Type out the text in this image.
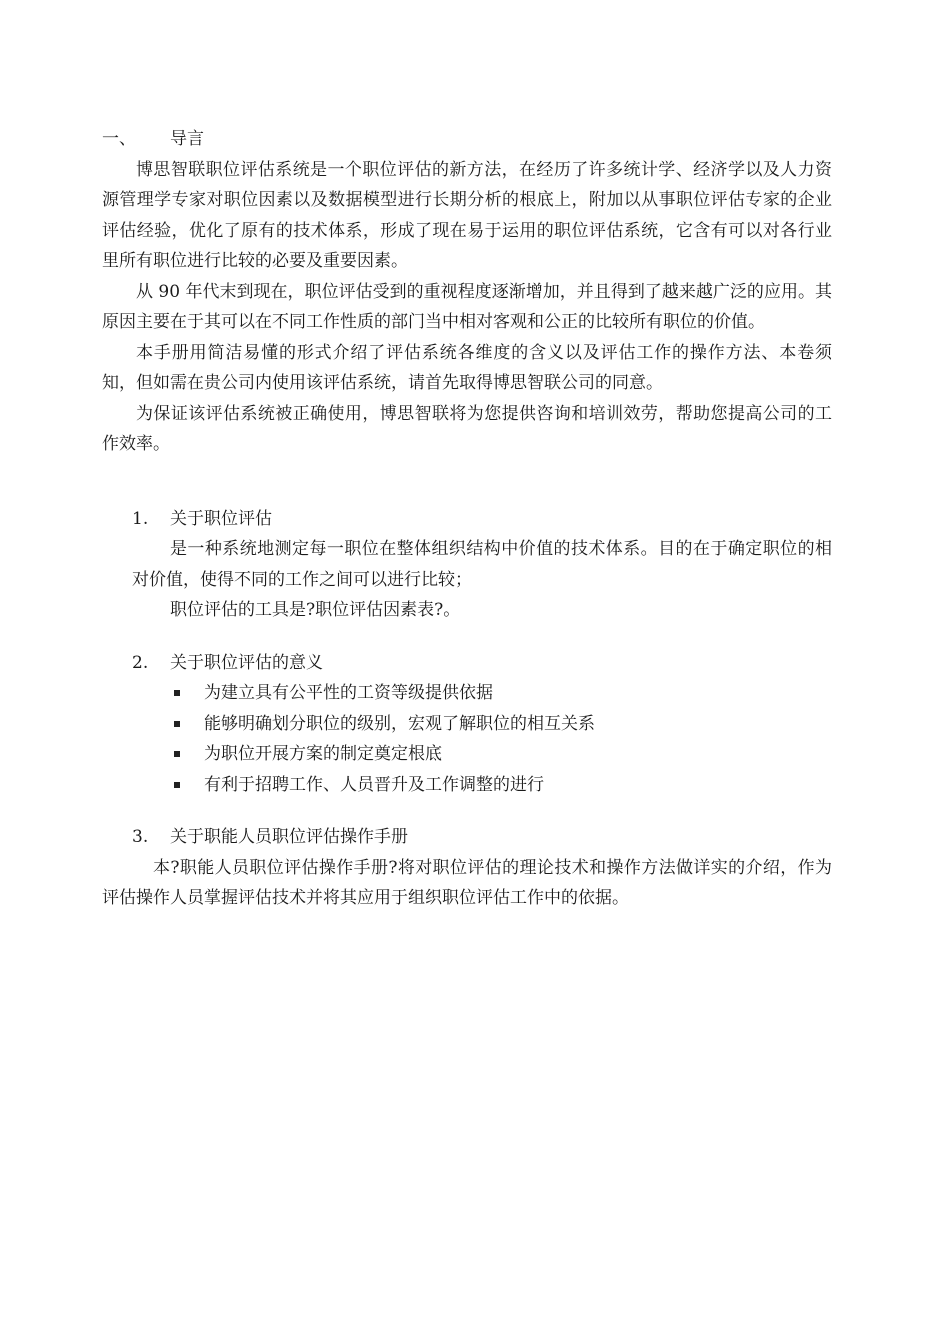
一、	导言

博思智联职位评估系统是一个职位评估的新方法，在经历了许多统计学、经济学以及人力资源管理学专家对职位因素以及数据模型进行长期分析的根底上，附加以从事职位评估专家的企业评估经验，优化了原有的技术体系，形成了现在易于运用的职位评估系统，它含有可以对各行业里所有职位进行比较的必要及重要因素。

从 90 年代末到现在，职位评估受到的重视程度逐渐增加，并且得到了越来越广泛的应用。其原因主要在于其可以在不同工作性质的部门当中相对客观和公正的比较所有职位的价值。

本手册用简洁易懂的形式介绍了评估系统各维度的含义以及评估工作的操作方法、本卷须知，但如需在贵公司内使用该评估系统，请首先取得博思智联公司的同意。

为保证该评估系统被正确使用，博思智联将为您提供咨询和培训效劳，帮助您提高公司的工作效率。

1.	关于职位评估

是一种系统地测定每一职位在整体组织结构中价值的技术体系。目的在于确定职位的相对价值，使得不同的工作之间可以进行比较；

职位评估的工具是?职位评估因素表?。

2.	关于职位评估的意义
为建立具有公平性的工资等级提供依据
能够明确划分职位的级别，宏观了解职位的相互关系
为职位开展方案的制定奠定根底
有利于招聘工作、人员晋升及工作调整的进行
3.	关于职能人员职位评估操作手册

本?职能人员职位评估操作手册?将对职位评估的理论技术和操作方法做详实的介绍，作为评估操作人员掌握评估技术并将其应用于组织职位评估工作中的依据。
